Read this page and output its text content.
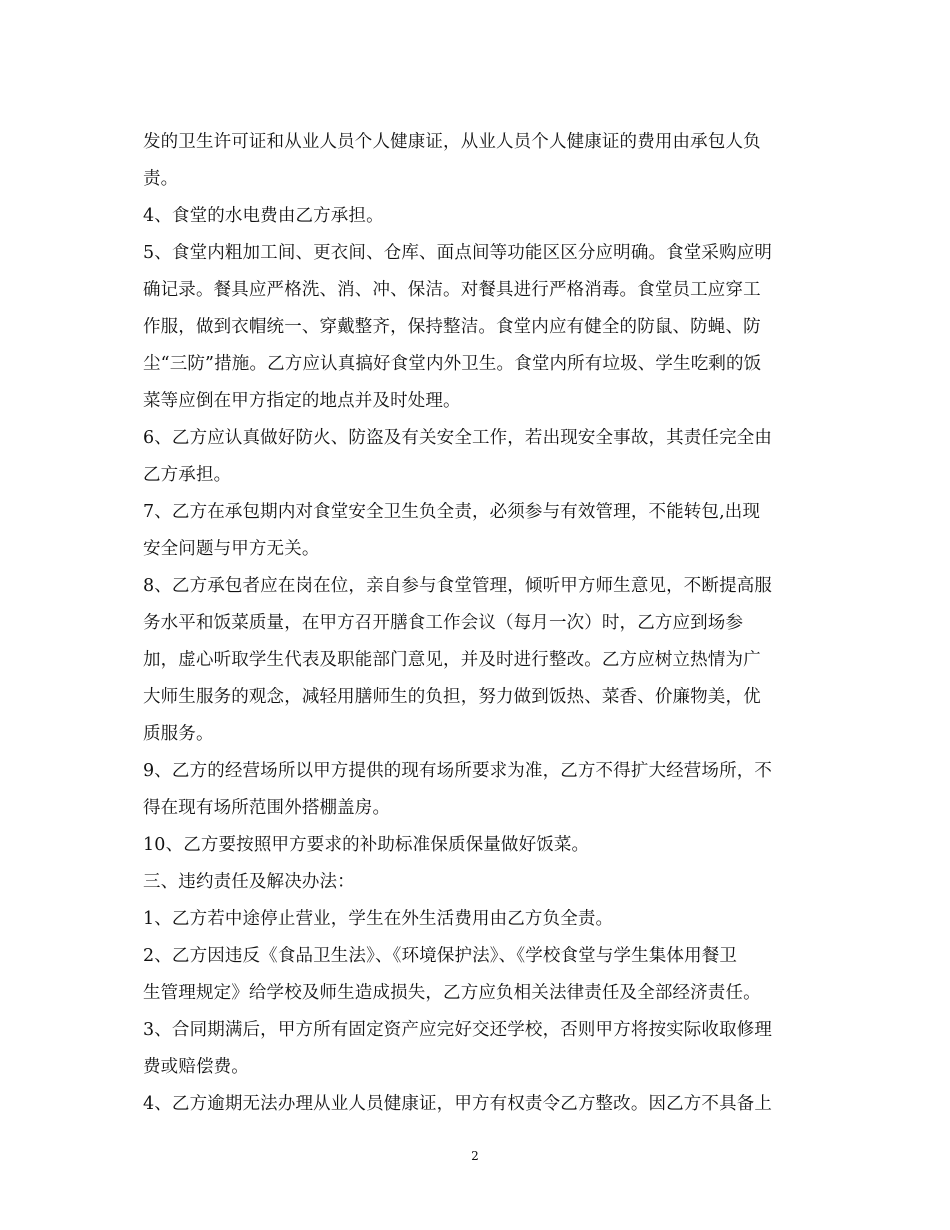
发的卫生许可证和从业人员个人健康证，从业人员个人健康证的费用由承包人负
责。
4、食堂的水电费由乙方承担。
5、食堂内粗加工间、更衣间、仓库、面点间等功能区区分应明确。食堂采购应明
确记录。餐具应严格洗、消、冲、保洁。对餐具进行严格消毒。食堂员工应穿工
作服，做到衣帽统一、穿戴整齐，保持整洁。食堂内应有健全的防鼠、防蝇、防
尘“三防”措施。乙方应认真搞好食堂内外卫生。食堂内所有垃圾、学生吃剩的饭
菜等应倒在甲方指定的地点并及时处理。
6、乙方应认真做好防火、防盗及有关安全工作，若出现安全事故，其责任完全由
乙方承担。
7、乙方在承包期内对食堂安全卫生负全责，必须参与有效管理，不能转包,出现
安全问题与甲方无关。
8、乙方承包者应在岗在位，亲自参与食堂管理，倾听甲方师生意见，不断提高服
务水平和饭菜质量，在甲方召开膳食工作会议（每月一次）时，乙方应到场参
加，虚心听取学生代表及职能部门意见，并及时进行整改。乙方应树立热情为广
大师生服务的观念，减轻用膳师生的负担，努力做到饭热、菜香、价廉物美，优
质服务。
9、乙方的经营场所以甲方提供的现有场所要求为准，乙方不得扩大经营场所，不
得在现有场所范围外搭棚盖房。
10、乙方要按照甲方要求的补助标准保质保量做好饭菜。
三、违约责任及解决办法：
1、乙方若中途停止营业，学生在外生活费用由乙方负全责。
2、乙方因违反《食品卫生法》、《环境保护法》、《学校食堂与学生集体用餐卫
生管理规定》给学校及师生造成损失，乙方应负相关法律责任及全部经济责任。
3、合同期满后，甲方所有固定资产应完好交还学校，否则甲方将按实际收取修理
费或赔偿费。
4、乙方逾期无法办理从业人员健康证，甲方有权责令乙方整改。因乙方不具备上
2
